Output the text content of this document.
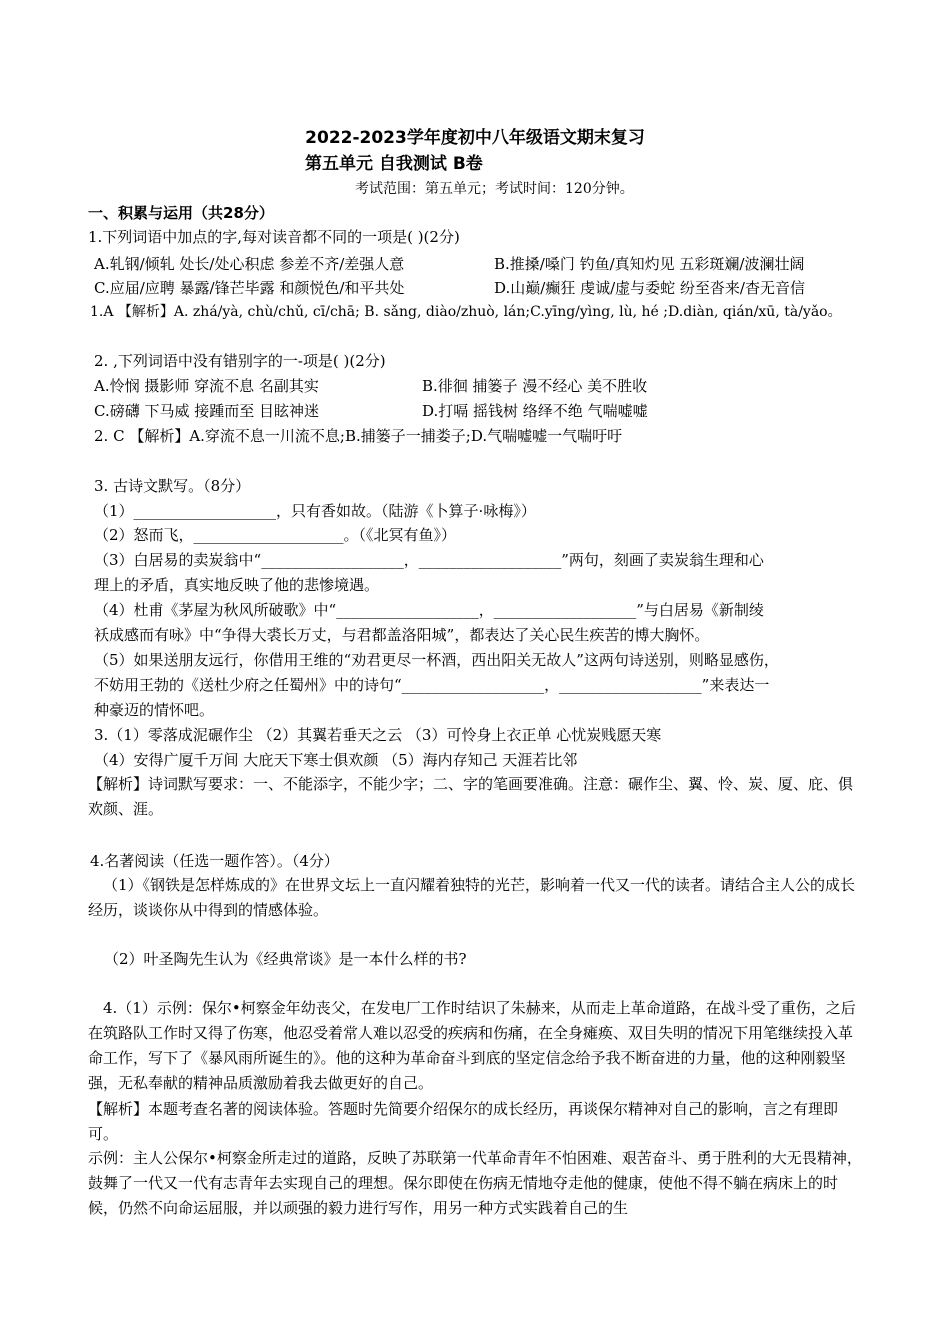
2022-2023学年度初中八年级语文期末复习
第五单元 自我测试 B卷
考试范围：第五单元；考试时间：120分钟。
一、积累与运用（共28分）
1.下列词语中加点的字,每对读音都不同的一项是( )(2分)
A.轧钢/倾轧 处长/处心积虑 参差不齐/差强人意	B.推搡/嗓门 钓鱼/真知灼见 五彩斑斓/波澜壮阔
C.应届/应聘 暴露/锋芒毕露 和颜悦色/和平共处	D.山巅/癫狂 虔诚/虚与委蛇 纷至沓来/杳无音信
1.A 【解析】A. zhá/yà, chù/chǔ, cī/chā; B. sǎng, diào/zhuò, lán;C.yīng/yìng, lù, hé ;D.diàn, qián/xū, tà/yǎo。
2. ,下列词语中没有错别字的一-项是( )(2分)
A.怜悯 摄影师 穿流不息 名副其实	B.徘徊 捕篓子 漫不经心 美不胜收
C.磅礴 下马威 接踵而至 目眩神迷	D.打嗝 摇钱树 络绎不绝 气喘嘘嘘
2. C 【解析】A.穿流不息一川流不息;B.捕篓子一捕娄子;D.气喘嘘嘘一气喘吁吁
3. 古诗文默写。（8分）
（1）___________________，只有香如故。（陆游《卜算子·咏梅》）
（2）怒而飞，____________________。（《北冥有鱼》）
（3）白居易的卖炭翁中“___________________，___________________”两句，刻画了卖炭翁生理和心
理上的矛盾，真实地反映了他的悲惨境遇。
（4）杜甫《茅屋为秋风所破歌》中“___________________，___________________”与白居易《新制绫
袄成感而有咏》中“争得大裘长万丈，与君都盖洛阳城”，都表达了关心民生疾苦的博大胸怀。
（5）如果送朋友远行，你借用王维的“劝君更尽一杯酒，西出阳关无故人”这两句诗送别，则略显感伤，
不妨用王勃的《送杜少府之任蜀州》中的诗句“___________________，___________________”来表达一
种豪迈的情怀吧。
3.（1）零落成泥碾作尘 （2）其翼若垂天之云 （3）可怜身上衣正单 心忧炭贱愿天寒
（4）安得广厦千万间 大庇天下寒士俱欢颜 （5）海内存知己 天涯若比邻
【解析】诗词默写要求：一、不能添字，不能少字；二、字的笔画要准确。注意：碾作尘、翼、怜、炭、厦、庇、俱欢颜、涯。
4.名著阅读（任选一题作答）。（4分）
（1）《钢铁是怎样炼成的》在世界文坛上一直闪耀着独特的光芒，影响着一代又一代的读者。请结合主人公的成长经历，谈谈你从中得到的情感体验。
（2）叶圣陶先生认为《经典常谈》是一本什么样的书?
4.（1）示例：保尔•柯察金年幼丧父，在发电厂工作时结识了朱赫来，从而走上革命道路，在战斗受了重伤，之后在筑路队工作时又得了伤寒，他忍受着常人难以忍受的疾病和伤痛，在全身瘫痪、双目失明的情况下用笔继续投入革命工作，写下了《暴风雨所诞生的》。他的这种为革命奋斗到底的坚定信念给予我不断奋进的力量，他的这种刚毅坚强，无私奉献的精神品质激励着我去做更好的自己。
【解析】本题考查名著的阅读体验。答题时先简要介绍保尔的成长经历，再谈保尔精神对自己的影响，言之有理即可。
示例：主人公保尔•柯察金所走过的道路，反映了苏联第一代革命青年不怕困难、艰苦奋斗、勇于胜利的大无畏精神，鼓舞了一代又一代有志青年去实现自己的理想。保尔即使在伤病无情地夺走他的健康，使他不得不躺在病床上的时候，仍然不向命运屈服，并以顽强的毅力进行写作，用另一种方式实践着自己的生
